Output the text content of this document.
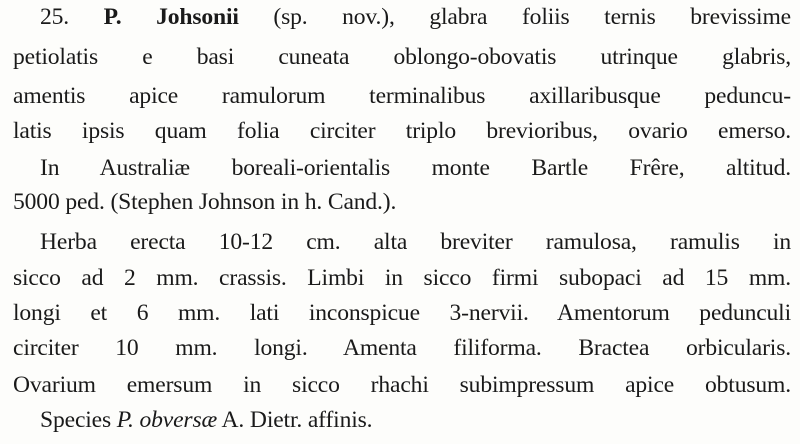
25. P. Johsonii (sp. nov.), glabra foliis ternis brevissime
petiolatis e basi cuneata oblongo-obovatis utrinque glabris,
amentis apice ramulorum terminalibus axillaribusque peduncu-
latis ipsis quam folia circiter triplo brevioribus, ovario emerso.
In Australiæ boreali-orientalis monte Bartle Frêre, altitud.
5000 ped. (Stephen Johnson in h. Cand.).
Herba erecta 10-12 cm. alta breviter ramulosa, ramulis in
sicco ad 2 mm. crassis. Limbi in sicco firmi subopaci ad 15 mm.
longi et 6 mm. lati inconspicue 3-nervii. Amentorum pedunculi
circiter 10 mm. longi. Amenta filiforma. Bractea orbicularis.
Ovarium emersum in sicco rhachi subimpressum apice obtusum.
Species P. obversæ A. Dietr. affinis.
